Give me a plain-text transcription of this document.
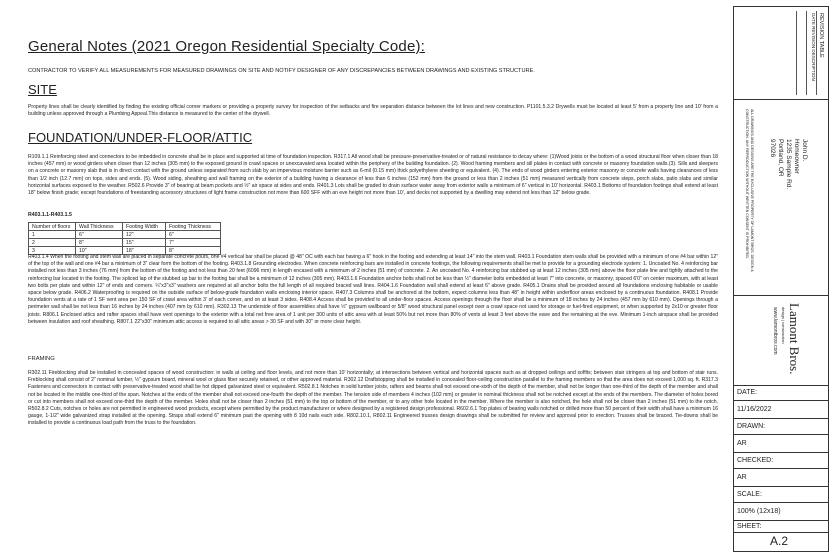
General Notes (2021 Oregon Residential Specialty Code):
CONTRACTOR TO VERIFY ALL MEASUREMENTS FOR MEASURED DRAWINGS ON SITE AND NOTIFY DESIGNER OF ANY DISCREPANCIES BETWEEN DRAWINGS AND EXISTING STRUCTURE.
SITE
Property lines shall be clearly identified by finding the existing official corner markers or providing a property survey for inspection of the setbacks and fire separation distance between the lot lines and new construction. P1101.5.3.2 Drywells must be located at least 5' from a property line and 10' from a building unless approved through a Plumbing Appeal.This distance is measured to the center of the drywell.
FOUNDATION/UNDER-FLOOR/ATTIC
R109.1.1 Reinforcing steel and connectors to be imbedded in concrete shall be in place and supported at time of foundation inspection. R317.1 All wood shall be pressure-preservative-treated or of natural resistance to decay where: (1)Wood joists or the bottom of a wood structural floor when closer than 18 inches (457 mm) or wood girders when closer than 12 inches (305 mm) to the exposed ground in crawl spaces or unexcavated area located within the periphery of the building foundation. (2). Wood framing members and sill plates in contact with concrete or masonry foundation walls.(3). Sills and sleepers on a concrete or masonry slab that is in direct contact with the ground unless separated from such slab by an impervious moisture barrier such as 6-mil (0.15 mm) thick polyethylene sheeting or equivalent. (4). The ends of wood girders entering exterior masonry or concrete walls having clearances of less than 1/2 inch (12.7 mm) on tops, sides and ends. (5). Wood siding, sheathing and wall framing on the exterior of a building having a clearance of less than 6 inches (152 mm) from the ground or less than 2 inches (51 mm) measured vertically from concrete steps, porch slabs, patio slabs and similar horizontal surfaces exposed to the weather. R502.6 Provide 3" of bearing at beam pockets and ½" air space at sides and ends. R401.3 Lots shall be graded to drain surface water away from exterior walls a minimum of 6" vertical in 10' horizontal. R403.1 Bottoms of foundation footings shall extend at least 18" below finish grade; except foundations of freestanding accessory structures of light frame construction not more than 600 SFF with an eve height not more than 10', and decks not supported by a dwelling may extend not less than 12" below grade.
R403.1.1-R403.1.5
Number of floors	Wall Thickness	Footing Width	Footing Thickness
1	6"	12"	6"
2	8"	15"	7"
3	10"	18"	8"
R403.1.4 When the footing and stem wall are placed in separate concrete pours, one #4 vertical bar shall be placed @ 48" OC with each bar having a 6" hook in the footing and extending at least 14" into the stem wall. R403.1 Foundation stem walls shall be provided with a minimum of one #4 bar within 12" of the top of the wall and one #4 bar a minimum of 3" clear form the bottom of the footing. R403.1.8 Grounding electrodes. When concrete reinforcing bars are installed in concrete footings, the following requirements shall be met to provide for a grounding electrode system: 1. Uncoated No. 4 reinforcing bar installed not less than 3 inches (76 mm) from the bottom of the footing and not less than 20 feet (6096 mm) in length encased with a minimum of 2 inches (51 mm) of concrete. 2. An uncoated No. 4 reinforcing bar stubbed up at least 12 inches (305 mm) above the floor plate line and tightly attached to the reinforcing bar located in the footing. The spliced lap of the stubbed up bar to the footing bar shall be a minimum of 12 inches (305 mm). R403.1.6 Foundation anchor bolts shall not be less than ½" diameter bolts embedded at least 7" into concrete, or masonry, spaced 6'0" on center maximum, with at least two bolts per plate and within 12" of ends and corners. ¼"x3"x3" washers are required at all anchor bolts the full length of all required braced wall lines. R404.1.6 Foundation wall shall extend at least 6" above grade. R405.1 Drains shall be provided around all foundations enclosing habitable or usable space below grade. R406.2 Waterproofing is required on the outside surface of below-grade foundation walls enclosing interior space. R407.3 Columns shall be anchored at the bottom, expect columns less than 48" in height within underfloor areas enclosed by a continuous foundation. R408.1 Provide foundation vents at a rate of 1 SF vent area per 150 SF of crawl area within 3' of each corner, and on at least 3 sides. R408.4 Access shall be provided to all under-floor spaces. Access openings through the floor shall be a minimum of 18 inches by 24 inches (457 mm by 610 mm). Openings through a perimeter wall shall be not less than 16 inches by 24 inches (407 mm by 610 mm). R302.13 The underside of floor assemblies shall have ½" gypsum wallboard or 5/8" wood structural panel except over a crawl space not used for storage or fuel-fired equipment, or when supported by 2x10 or greater floor joists. R806.1 Enclosed attics and rafter spaces shall have vent openings to the exterior with a total net free area of 1 unit per 300 units of attic area with at least 50% but not more than 80% of vents at least 3 feet above the eave and the remaining at the eve. Minimum 1-inch airspace shall be provided between insulation and roof sheathing. R807.1 22"x30" minimum attic access is required to all attic areas > 30 SF and with 30" or more clear height.
FRAMING
R302.11 Fireblocking shall be installed in concealed spaces of wood construction: in walls at ceiling and floor levels, and not more than 10' horizontally; at intersections between vertical and horizontal spaces such as at dropped ceilings and soffits; between stair stringers at top and bottom of stair runs. Freblocking shall consist of 2" nominal lumber, ½" gypsum board, mineral wool or glass fiber securely retained, or other approved material. R302.12 Draftstopping shall be installed in concealed floor-ceiling construction parallel to the framing members so that the area does not exceed 1,000 sq. ft. R317.3 Fasteners and connectors in contact with preservative-treated wood shall be hot dipped galvanized steel or equivalent. R502.8.1 Notches in solid lumber joists, rafters and beams shall not exceed one-sixth of the depth of the member, shall not be longer than one-third of the depth of the member and shall not be located in the middle one-third of the span. Notches at the ends of the member shall not exceed one-fourth the depth of the member. The tension side of members 4 inches (102 mm) or greater in nominal thickness shall not be notched except at the ends of the members. The diameter of holes bored or cut into members shall not exceed one-third the depth of the member. Holes shall not be closer than 2 inches (51 mm) to the top or bottom of the member, or to any other hole located in the member. Where the member is also notched, the hole shall not be closer than 2 inches (51 mm) to the notch. R502.8.2 Cuts, notches or holes are not permitted in engineered wood products, except where permitted by the product manufacturer or where designed by a registered design professional. R602.6.1 Top plates of bearing walls notched or drilled more than 50 percent of their width shall have a minimum 16 gauge, 1-1/2" wide galvanized strap installed at the opening. Straps shall extend 6" minimum past the opening with 8 10d nails each side. R802.10.1, R802.11 Engineered trusses design drawings shall be submitted for review and approval prior to erection. Trusses shall be braced. Tie-downs shall be installed to provide a continuous load path from the truss to the foundation.
REVISION TABLE
DATE REVISION DESCRIPTION
ALL DRAWINGS AND DESIGNS ARE THE EXCLUSIVE PROPERTY OF LAMONT BROS. DESIGN & CONSTRUCTION. ANY REPRODUCTION WITHOUT WRITTEN CONSENT IS PROHIBITED.	John D.
Homeowner
1235 Sample Rd.
Portland, OR
97026
Lamont Bros.
design | construction
www.lamontbros.com
DATE:
11/16/2022
DRAWN:
AR
CHECKED:
AR
SCALE:
100% (12x18)
SHEET:
A.2
